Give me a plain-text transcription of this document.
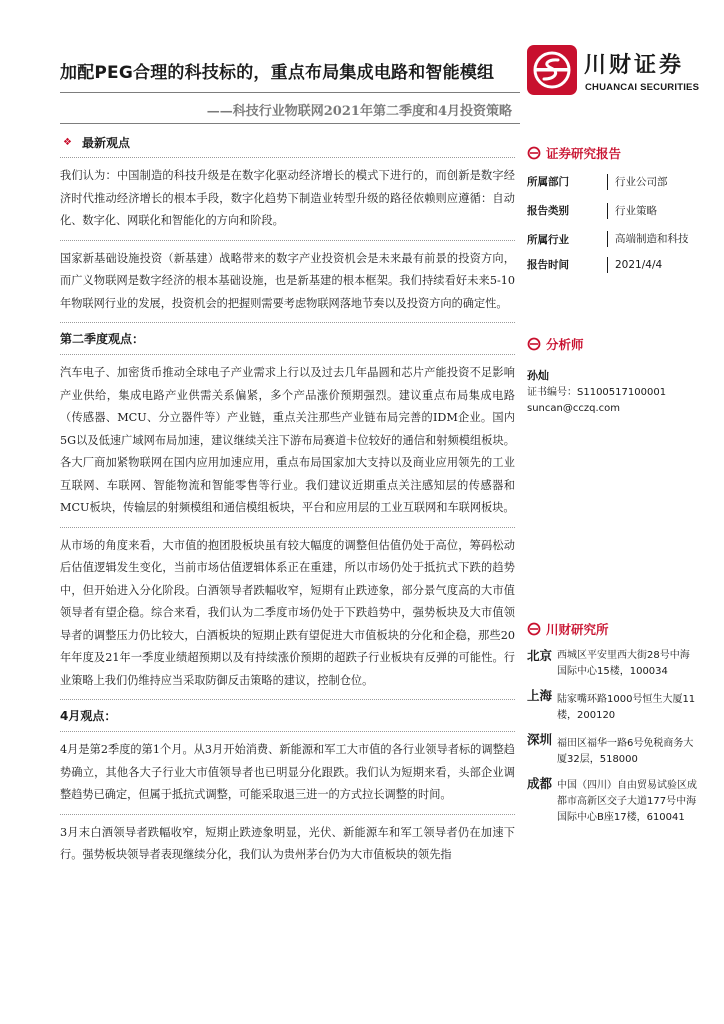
加配PEG合理的科技标的，重点布局集成电路和智能模组
——科技行业物联网2021年第二季度和4月投资策略
川财证券
CHUANCAI SECURITIES
❖ 最新观点

我们认为：中国制造的科技升级是在数字化驱动经济增长的模式下进行的，而创新是数字经济时代推动经济增长的根本手段，数字化趋势下制造业转型升级的路径依赖则应遵循：自动化、数字化、网联化和智能化的方向和阶段。

国家新基础设施投资（新基建）战略带来的数字产业投资机会是未来最有前景的投资方向，而广义物联网是数字经济的根本基础设施，也是新基建的根本框架。我们持续看好未来5-10年物联网行业的发展，投资机会的把握则需要考虑物联网落地节奏以及投资方向的确定性。

第二季度观点：

汽车电子、加密货币推动全球电子产业需求上行以及过去几年晶圆和芯片产能投资不足影响产业供给，集成电路产业供需关系偏紧，多个产品涨价预期强烈。建议重点布局集成电路（传感器、MCU、分立器件等）产业链，重点关注那些产业链布局完善的IDM企业。国内5G以及低速广域网布局加速，建议继续关注下游布局赛道卡位较好的通信和射频模组板块。各大厂商加紧物联网在国内应用加速应用，重点布局国家加大支持以及商业应用领先的工业互联网、车联网、智能物流和智能零售等行业。我们建议近期重点关注感知层的传感器和MCU板块，传输层的射频模组和通信模组板块，平台和应用层的工业互联网和车联网板块。

从市场的角度来看，大市值的抱团股板块虽有较大幅度的调整但估值仍处于高位，筹码松动后估值逻辑发生变化，当前市场估值逻辑体系正在重建，所以市场仍处于抵抗式下跌的趋势中，但开始进入分化阶段。白酒领导者跌幅收窄，短期有止跌迹象，部分景气度高的大市值领导者有望企稳。综合来看，我们认为二季度市场仍处于下跌趋势中，强势板块及大市值领导者的调整压力仍比较大，白酒板块的短期止跌有望促进大市值板块的分化和企稳，那些20年年度及21年一季度业绩超预期以及有持续涨价预期的超跌子行业板块有反弹的可能性。行业策略上我们仍维持应当采取防御反击策略的建议，控制仓位。

4月观点：

4月是第2季度的第1个月。从3月开始消费、新能源和军工大市值的各行业领导者标的调整趋势确立，其他各大子行业大市值领导者也已明显分化跟跌。我们认为短期来看，头部企业调整趋势已确定，但属于抵抗式调整，可能采取退三进一的方式拉长调整的时间。

3月末白酒领导者跌幅收窄，短期止跌迹象明显，光伏、新能源车和军工领导者仍在加速下行。强势板块领导者表现继续分化，我们认为贵州茅台仍为大市值板块的领先指

证券研究报告
所属部门	行业公司部
报告类别	行业策略
所属行业	高端制造和科技
报告时间	2021/4/4
分析师
孙灿
证书编号：S1100517100001
suncan@cczq.com
川财研究所
北京 西城区平安里西大街28号中海国际中心15楼，100034
上海 陆家嘴环路1000号恒生大厦11楼，200120
深圳 福田区福华一路6号免税商务大厦32层，518000
成都 中国（四川）自由贸易试验区成都市高新区交子大道177号中海国际中心B座17楼，610041
